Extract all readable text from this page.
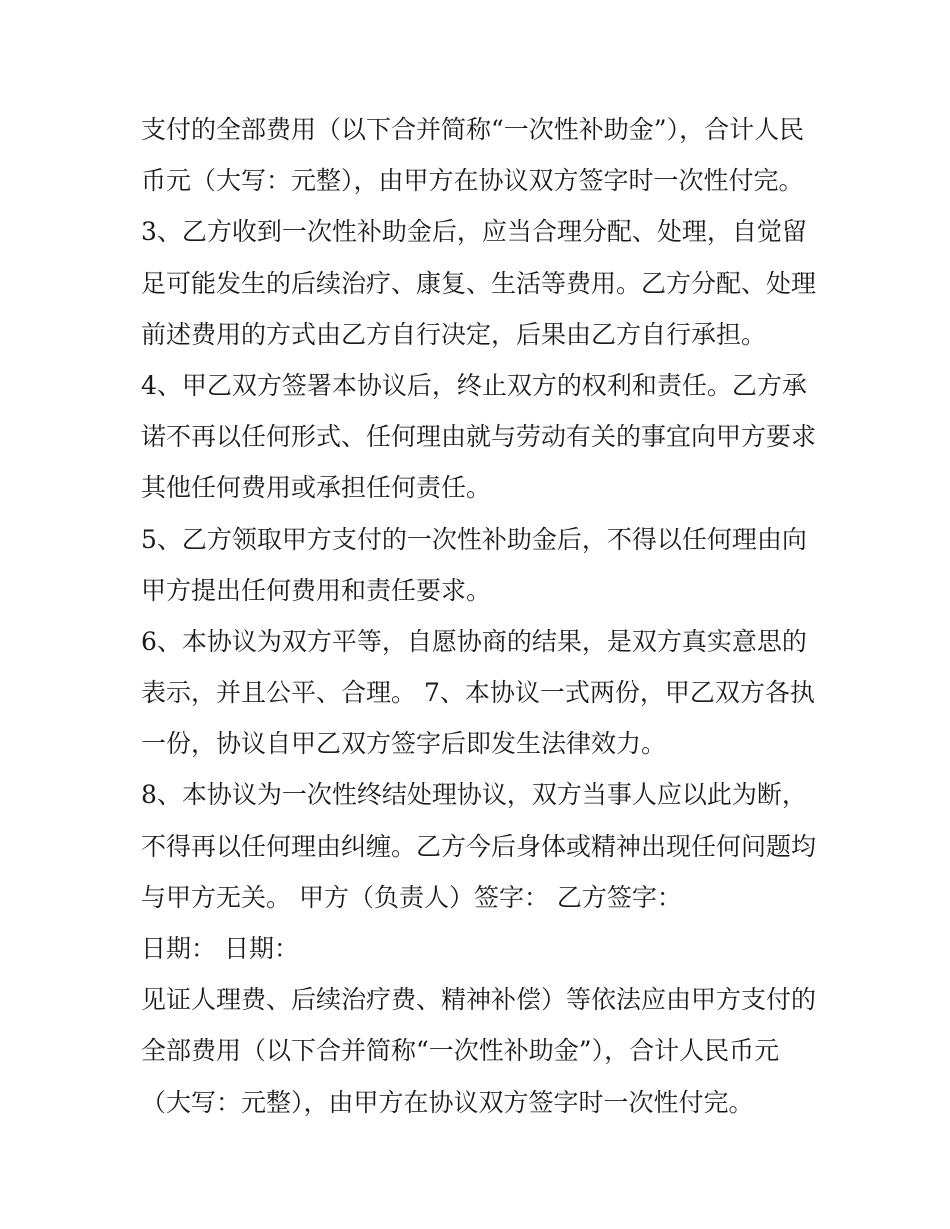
支付的全部费用（以下合并简称“一次性补助金”），合计人民
币元（大写：元整），由甲方在协议双方签字时一次性付完。
3、乙方收到一次性补助金后，应当合理分配、处理，自觉留
足可能发生的后续治疗、康复、生活等费用。乙方分配、处理
前述费用的方式由乙方自行决定，后果由乙方自行承担。
4、甲乙双方签署本协议后，终止双方的权利和责任。乙方承
诺不再以任何形式、任何理由就与劳动有关的事宜向甲方要求
其他任何费用或承担任何责任。
5、乙方领取甲方支付的一次性补助金后，不得以任何理由向
甲方提出任何费用和责任要求。
6、本协议为双方平等，自愿协商的结果，是双方真实意思的
表示，并且公平、合理。 7、本协议一式两份，甲乙双方各执
一份，协议自甲乙双方签字后即发生法律效力。
8、本协议为一次性终结处理协议，双方当事人应以此为断，
不得再以任何理由纠缠。乙方今后身体或精神出现任何问题均
与甲方无关。 甲方（负责人）签字： 乙方签字：
日期： 日期：
见证人理费、后续治疗费、精神补偿）等依法应由甲方支付的
全部费用（以下合并简称“一次性补助金”），合计人民币元
（大写：元整），由甲方在协议双方签字时一次性付完。
